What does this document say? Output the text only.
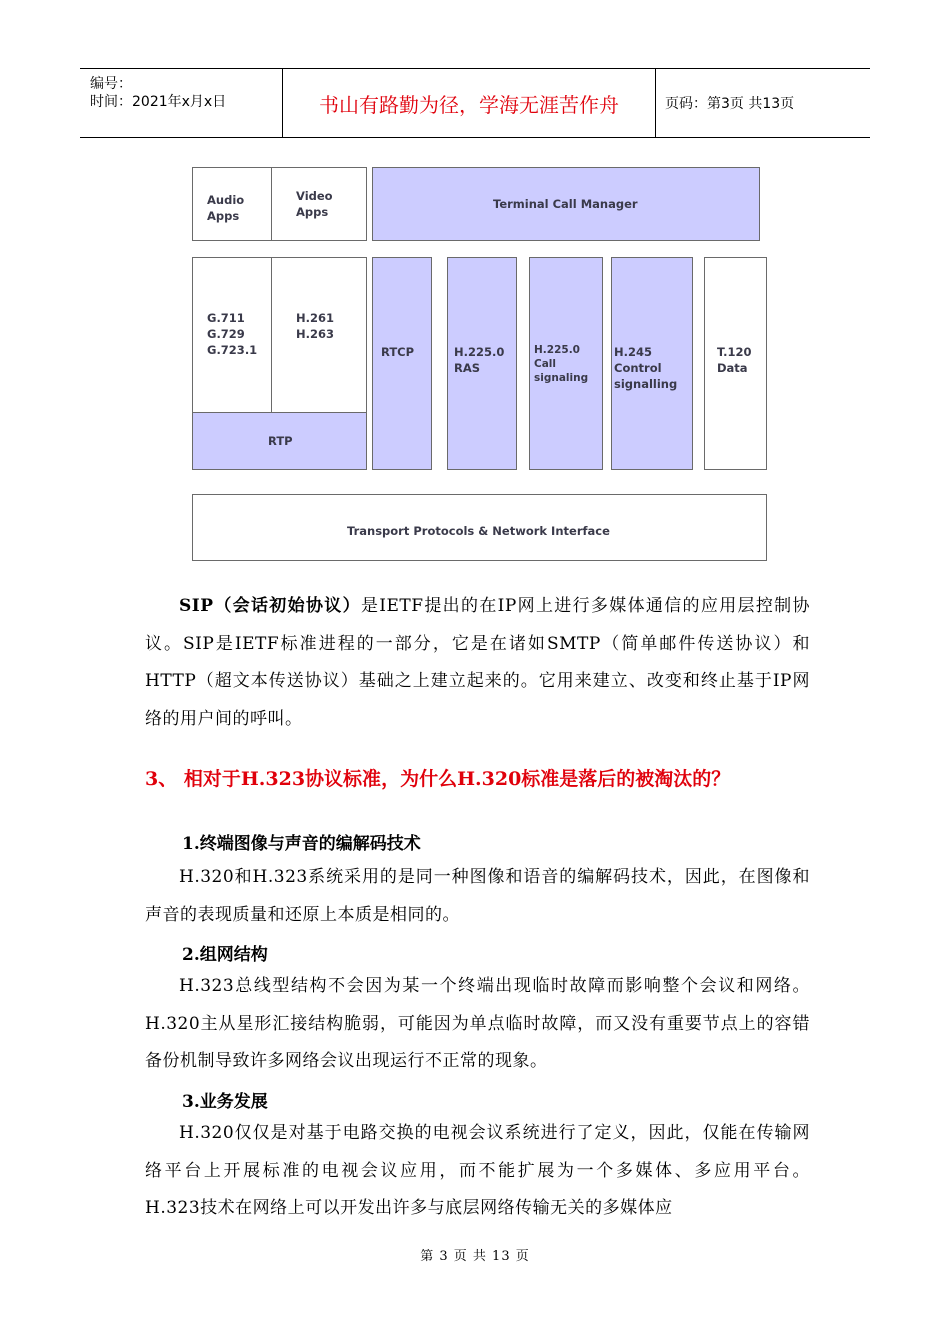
编号：
时间：2021年x月x日	书山有路勤为径，学海无涯苦作舟	页码：第3页 共13页
Audio
Apps
Video
Apps
Terminal Call Manager
G.711
G.729
G.723.1
H.261
H.263
RTP
RTCP	H.225.0
RAS
H.225.0
Call
signaling
H.245
Control
signalling
T.120
Data
Transport Protocols & Network Interface
SIP（会话初始协议）是IETF提出的在IP网上进行多媒体通信的应用层控制协议。SIP是IETF标准进程的一部分，它是在诸如SMTP（简单邮件传送协议）和HTTP（超文本传送协议）基础之上建立起来的。它用来建立、改变和终止基于IP网络的用户间的呼叫。
3、 相对于H.323协议标准，为什么H.320标准是落后的被淘汰的？
1.终端图像与声音的编解码技术
H.320和H.323系统采用的是同一种图像和语音的编解码技术，因此，在图像和声音的表现质量和还原上本质是相同的。
2.组网结构
H.323总线型结构不会因为某一个终端出现临时故障而影响整个会议和网络。H.320主从星形汇接结构脆弱，可能因为单点临时故障，而又没有重要节点上的容错备份机制导致许多网络会议出现运行不正常的现象。
3.业务发展
H.320仅仅是对基于电路交换的电视会议系统进行了定义，因此，仅能在传输网络平台上开展标准的电视会议应用，而不能扩展为一个多媒体、多应用平台。      H.323技术在网络上可以开发出许多与底层网络传输无关的多媒体应
第 3 页 共 13 页
